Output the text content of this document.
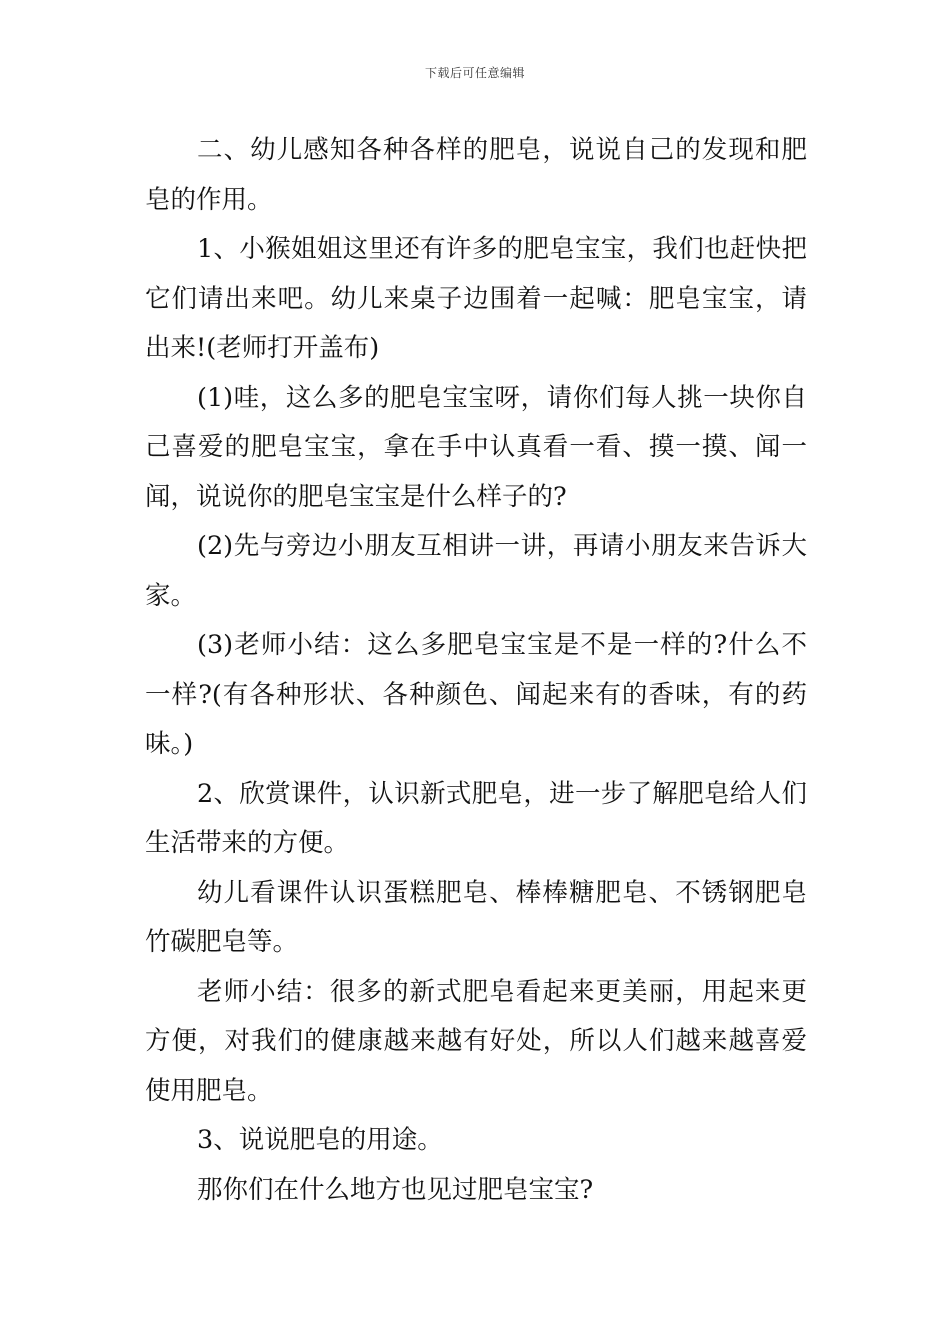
下载后可任意编辑

二、幼儿感知各种各样的肥皂，说说自己的发现和肥皂的作用。

1、小猴姐姐这里还有许多的肥皂宝宝，我们也赶快把它们请出来吧。幼儿来桌子边围着一起喊：肥皂宝宝，请出来!(老师打开盖布)

(1)哇，这么多的肥皂宝宝呀，请你们每人挑一块你自己喜爱的肥皂宝宝，拿在手中认真看一看、摸一摸、闻一闻，说说你的肥皂宝宝是什么样子的?

(2)先与旁边小朋友互相讲一讲，再请小朋友来告诉大家。

(3)老师小结：这么多肥皂宝宝是不是一样的?什么不一样?(有各种形状、各种颜色、闻起来有的香味，有的药味。)

2、欣赏课件，认识新式肥皂，进一步了解肥皂给人们生活带来的方便。

幼儿看课件认识蛋糕肥皂、棒棒糖肥皂、不锈钢肥皂竹碳肥皂等。

老师小结：很多的新式肥皂看起来更美丽，用起来更方便，对我们的健康越来越有好处，所以人们越来越喜爱使用肥皂。

3、说说肥皂的用途。

那你们在什么地方也见过肥皂宝宝?
